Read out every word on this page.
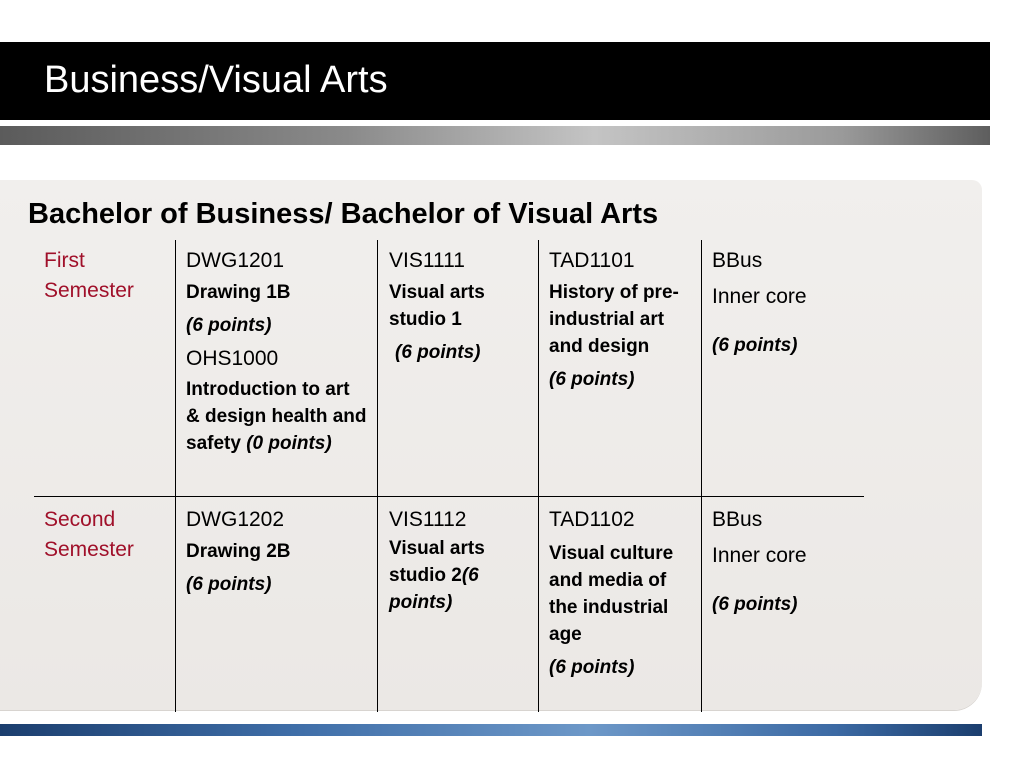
Business/Visual Arts
Bachelor of Business/ Bachelor of Visual Arts
First
Semester
DWG1201
Drawing 1B
(6 points)
OHS1000
Introduction to art & design health and safety (0 points)
VIS1111
Visual arts studio 1
(6 points)
TAD1101
History of pre-industrial art and design
(6 points)
BBus
Inner core
(6 points)
Second
Semester
DWG1202
Drawing 2B
(6 points)
VIS1112
Visual arts studio 2(6 points)
TAD1102
Visual culture and media of the industrial age
(6 points)
BBus
Inner core
(6 points)
